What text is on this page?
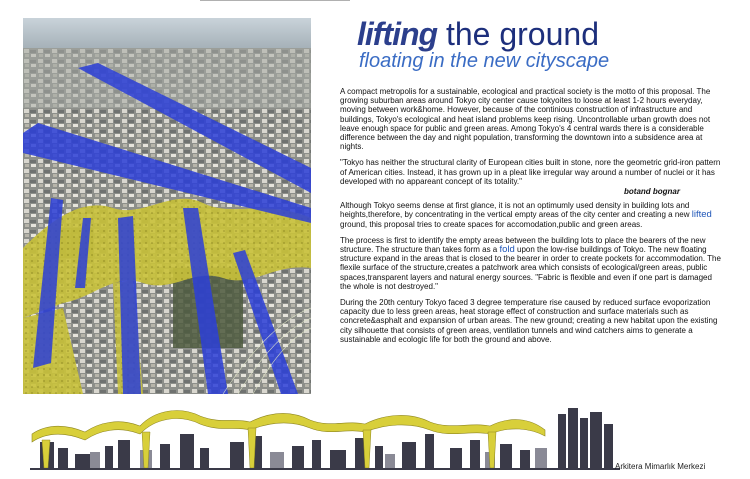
lifting the ground
floating in the new cityscape

A compact metropolis for a sustainable, ecological and practical society is the motto of this proposal. The growing suburban areas around Tokyo city center cause tokyoites to loose at least 1-2 hours everyday, moving between work&home. However, because of the continious construction of infrastructure and buildings, Tokyo's ecological and heat island problems keep rising. Uncontrollable urban growth does not leave enough space for public and green areas. Among Tokyo's 4 central wards there is a considerable difference between the day and night population, transforming the downtown into a subsidence area at nights.

"Tokyo has neither the structural clarity of European cities built in stone, nore the geometric grid-iron pattern of American cities. Instead, it has grown up in a pleat like irregular way around a number of nuclei or it has developed with no appareant concept of its totality."

botand bognar

Although Tokyo seems dense at first glance, it is not an optimumly used density in building lots and heights,therefore, by concentrating in the vertical empty areas of the city center and creating a new lifted ground, this proposal tries to create spaces for accomodation,public and green areas.

The process is first to identify the empty areas between the building lots to place the bearers of the new structure. The structure than takes form as a fold upon the low-rise buildings of Tokyo. The new floating structure expand in the areas that is closed to the bearer in order to create pockets for accommodation. The flexile surface of the structure,creates a patchwork area which consists of ecological/green areas, public spaces,transparent layers and natural energy sources. "Fabric is flexible and even if one part is damaged the whole is not destroyed."

During the 20th century Tokyo faced 3 degree temperature rise caused by reduced surface evoporization capacity due to less green areas, heat storage effect of construction and surface materials such as concrete&asphalt and expansion of urban areas. The new ground; creating a new habitat upon the existing city silhouette that consists of green areas, ventilation tunnels and wind catchers aims to generate a sustainable and ecologic life for both the ground and above.

Arkitera Mimarlık Merkezi
